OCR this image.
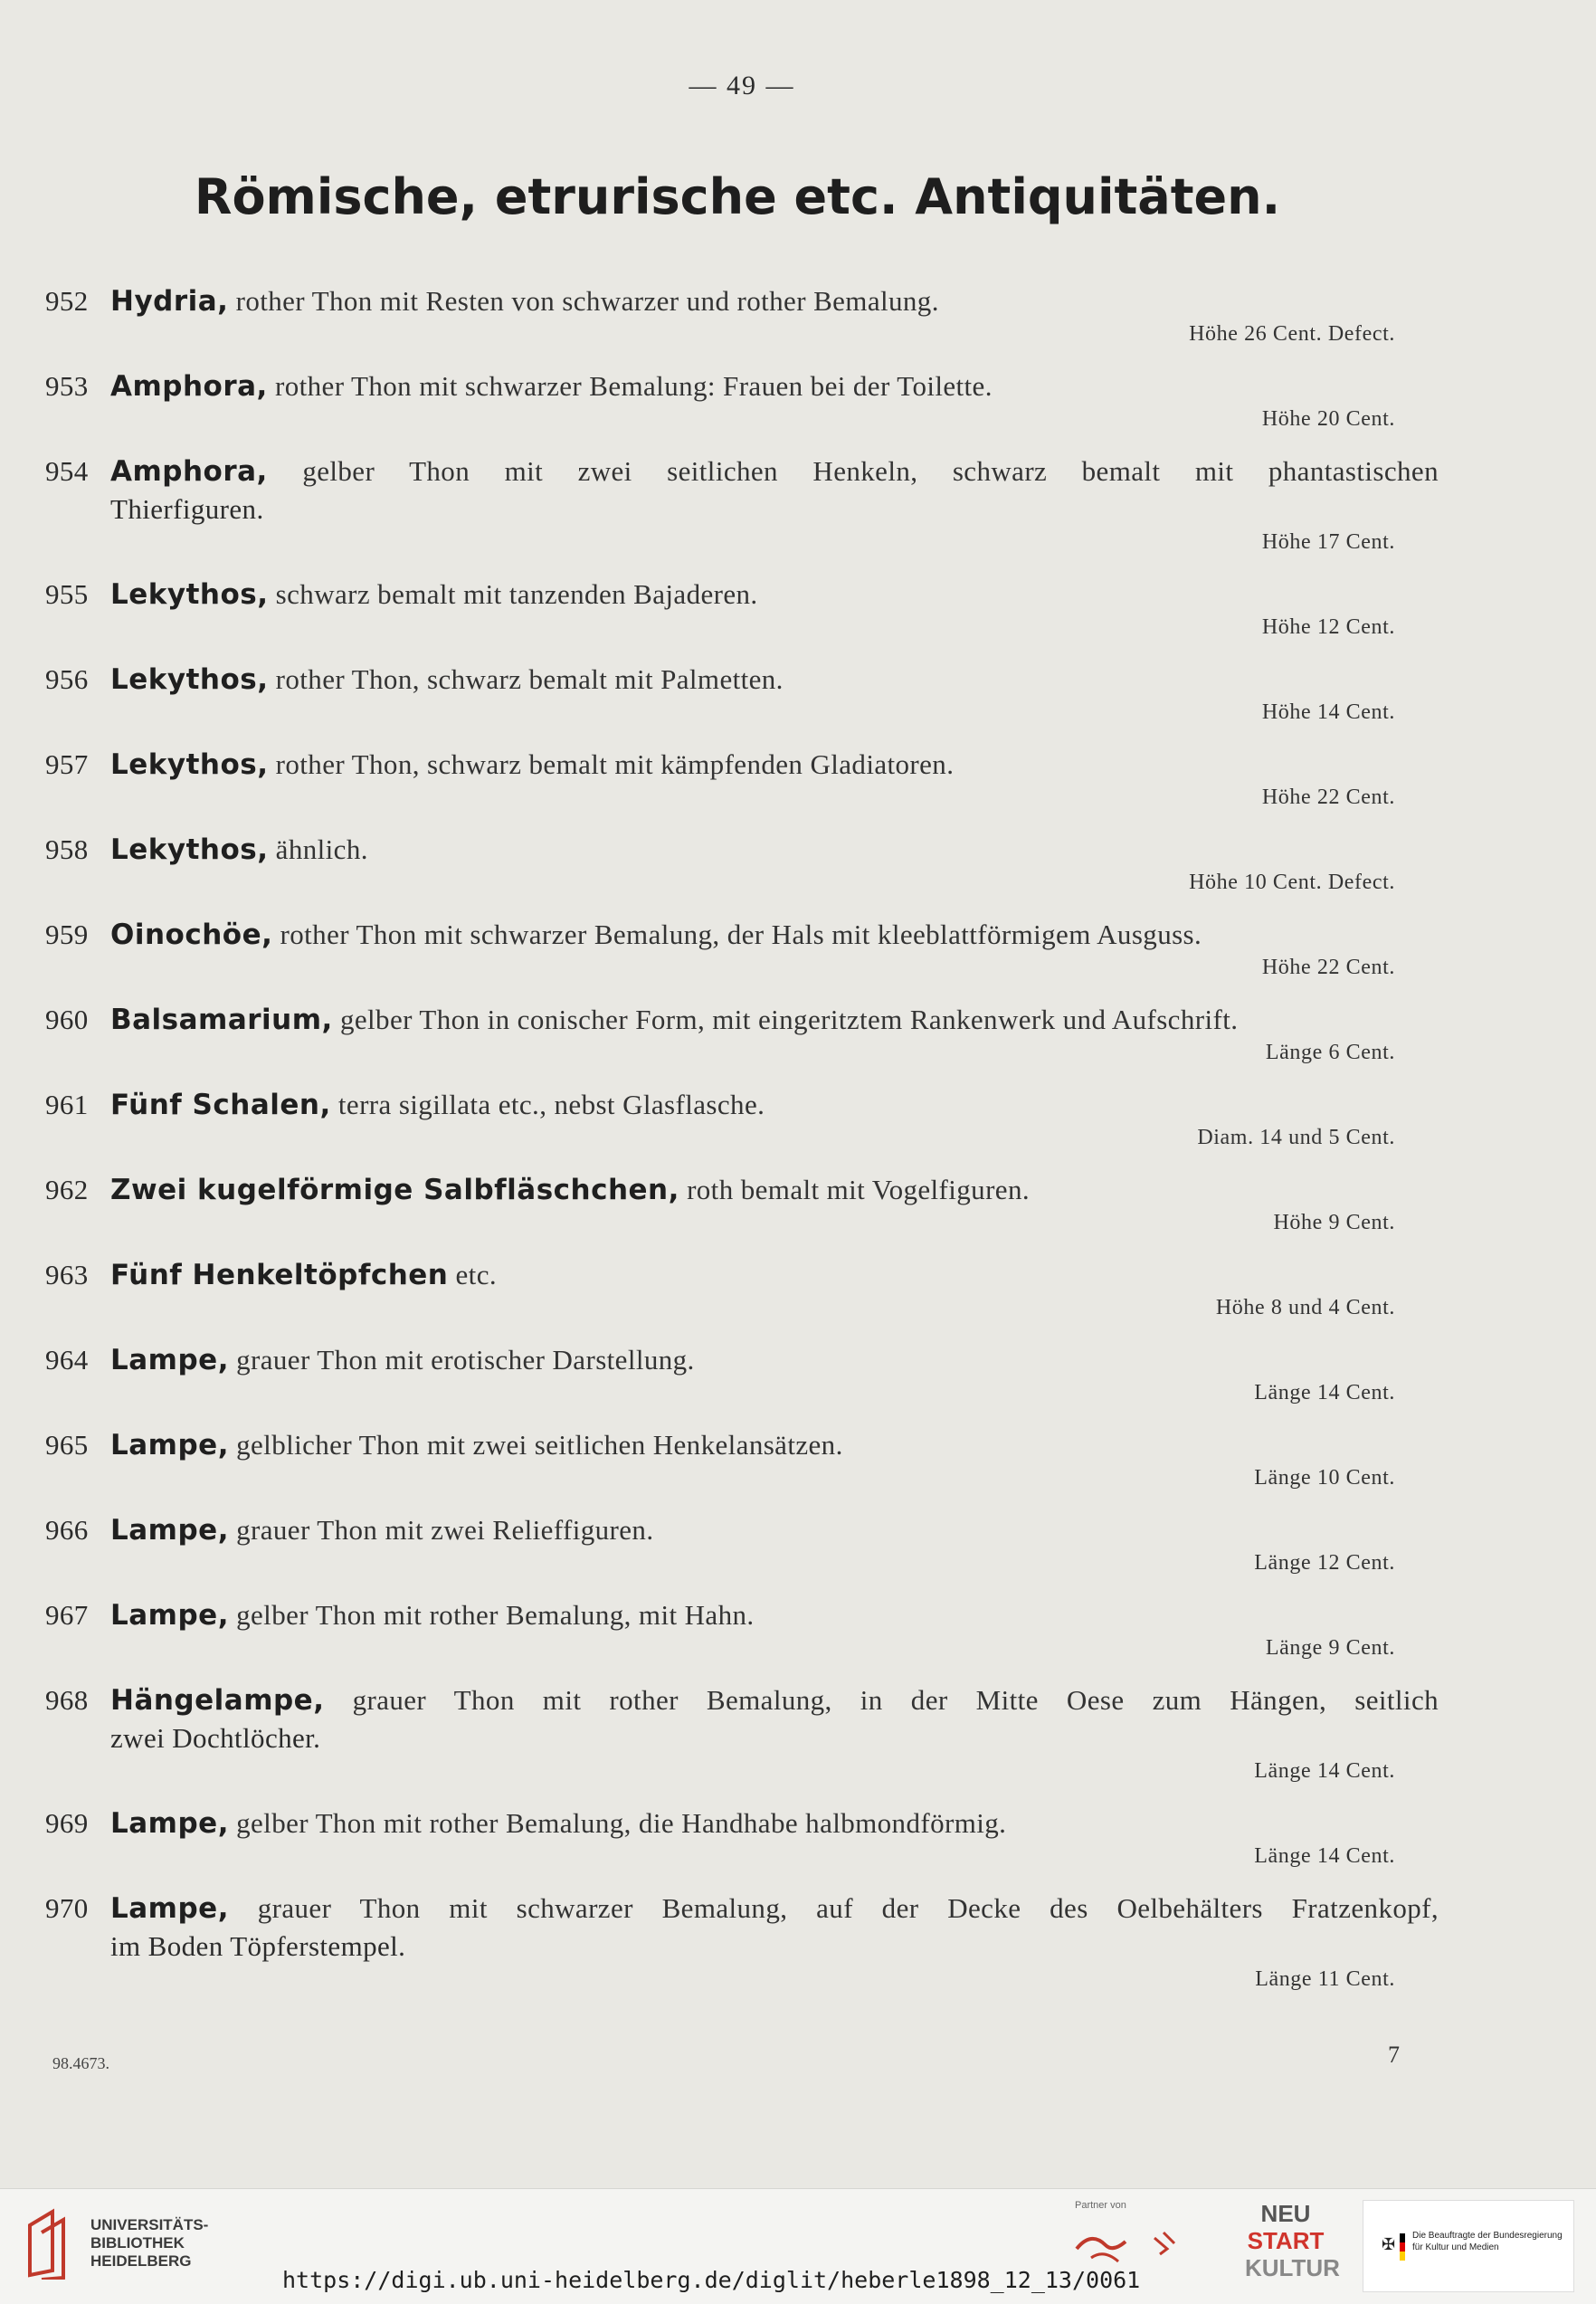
— 49 —
Römische, etrurische etc. Antiquitäten.
952 Hydria, rother Thon mit Resten von schwarzer und rother Bemalung.
Höhe 26 Cent. Defect.
953 Amphora, rother Thon mit schwarzer Bemalung: Frauen bei der Toilette.
Höhe 20 Cent.
954 Amphora, gelber Thon mit zwei seitlichen Henkeln, schwarz bemalt mit phantastischen
Thierfiguren.
Höhe 17 Cent.
955 Lekythos, schwarz bemalt mit tanzenden Bajaderen.
Höhe 12 Cent.
956 Lekythos, rother Thon, schwarz bemalt mit Palmetten.
Höhe 14 Cent.
957 Lekythos, rother Thon, schwarz bemalt mit kämpfenden Gladiatoren.
Höhe 22 Cent.
958 Lekythos, ähnlich.
Höhe 10 Cent. Defect.
959 Oinochöe, rother Thon mit schwarzer Bemalung, der Hals mit kleeblattförmigem Ausguss.
Höhe 22 Cent.
960 Balsamarium, gelber Thon in conischer Form, mit eingeritztem Rankenwerk und Aufschrift.
Länge 6 Cent.
961 Fünf Schalen, terra sigillata etc., nebst Glasflasche.
Diam. 14 und 5 Cent.
962 Zwei kugelförmige Salbfläschchen, roth bemalt mit Vogelfiguren.
Höhe 9 Cent.
963 Fünf Henkeltöpfchen etc.
Höhe 8 und 4 Cent.
964 Lampe, grauer Thon mit erotischer Darstellung.
Länge 14 Cent.
965 Lampe, gelblicher Thon mit zwei seitlichen Henkelansätzen.
Länge 10 Cent.
966 Lampe, grauer Thon mit zwei Relieffiguren.
Länge 12 Cent.
967 Lampe, gelber Thon mit rother Bemalung, mit Hahn.
Länge 9 Cent.
968 Hängelampe, grauer Thon mit rother Bemalung, in der Mitte Oese zum Hängen, seitlich
zwei Dochtlöcher.
Länge 14 Cent.
969 Lampe, gelber Thon mit rother Bemalung, die Handhabe halbmondförmig.
Länge 14 Cent.
970 Lampe, grauer Thon mit schwarzer Bemalung, auf der Decke des Oelbehälters Fratzenkopf,
im Boden Töpferstempel.
Länge 11 Cent.
98.4673.	7
UNIVERSITÄTS-
BIBLIOTHEK
HEIDELBERG
https://digi.ub.uni-heidelberg.de/diglit/heberle1898_12_13/0061
Partner von	NEU
START
KULTUR
✠ Die Beauftragte der Bundesregierung
für Kultur und Medien
